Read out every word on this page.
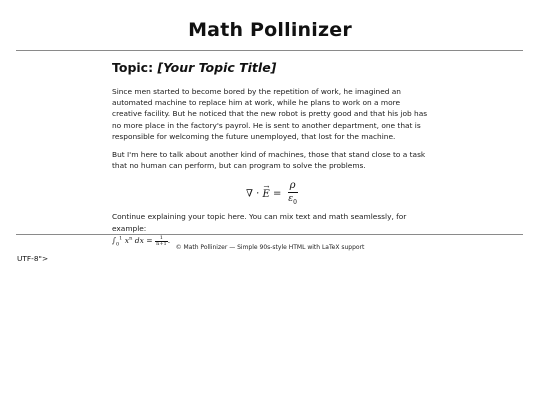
Math Pollinizer
Topic: [Your Topic Title]

Since men started to become bored by the repetition of work, he imagined an automated machine to replace him at work, while he plans to work on a more creative facility. But he noticed that the new robot is pretty good and that his job has no more place in the factory's payrol. He is sent to another department, one that is responsible for welcoming the future unemployed, that lost for the machine.

But I'm here to talk about another kind of machines, those that stand close to a task that no human can perform, but can program to solve the problems.

∇ ·
→
$E = \frac{\rho}{\varepsilon_0}$

Continue explaining your topic here. You can mix text and math seamlessly, for example:
$\int_0^1$ $x^n$ dx = $\frac{1}{n+1}$ .

© Math Pollinizer — Simple 90s-style HTML with LaTeX support

UTF-8">
